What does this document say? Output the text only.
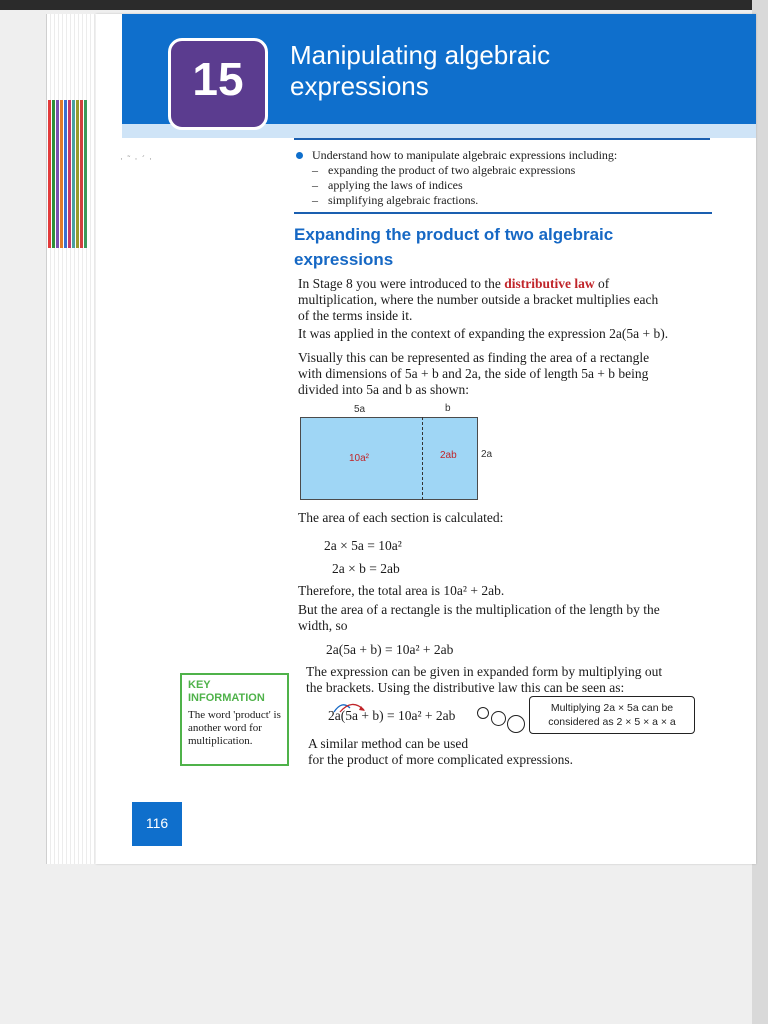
15	Manipulating algebraic
expressions
· ˜ · ´ ·	Understand how to manipulate algebraic expressions including:
– expanding the product of two algebraic expressions
– applying the laws of indices
– simplifying algebraic fractions.
Expanding the product of two algebraic
expressions
In Stage 8 you were introduced to the distributive law of
multiplication, where the number outside a bracket multiplies each
of the terms inside it.
It was applied in the context of expanding the expression 2a(5a + b).
Visually this can be represented as finding the area of a rectangle
with dimensions of 5a + b and 2a, the side of length 5a + b being
divided into 5a and b as shown:
5a	b
10a²	2ab 2a
The area of each section is calculated:
2a × 5a = 10a²
2a × b = 2ab
Therefore, the total area is 10a² + 2ab.
But the area of a rectangle is the multiplication of the length by the
width, so
2a(5a + b) = 10a² + 2ab
The expression can be given in expanded form by multiplying out
the brackets. Using the distributive law this can be seen as:
2a(5a + b) = 10a² + 2ab	Multiplying 2a × 5a can be
considered as 2 × 5 × a × a
A similar method can be used
for the product of more complicated expressions.
KEY
INFORMATION
The word 'product' is another word for multiplication.
116
